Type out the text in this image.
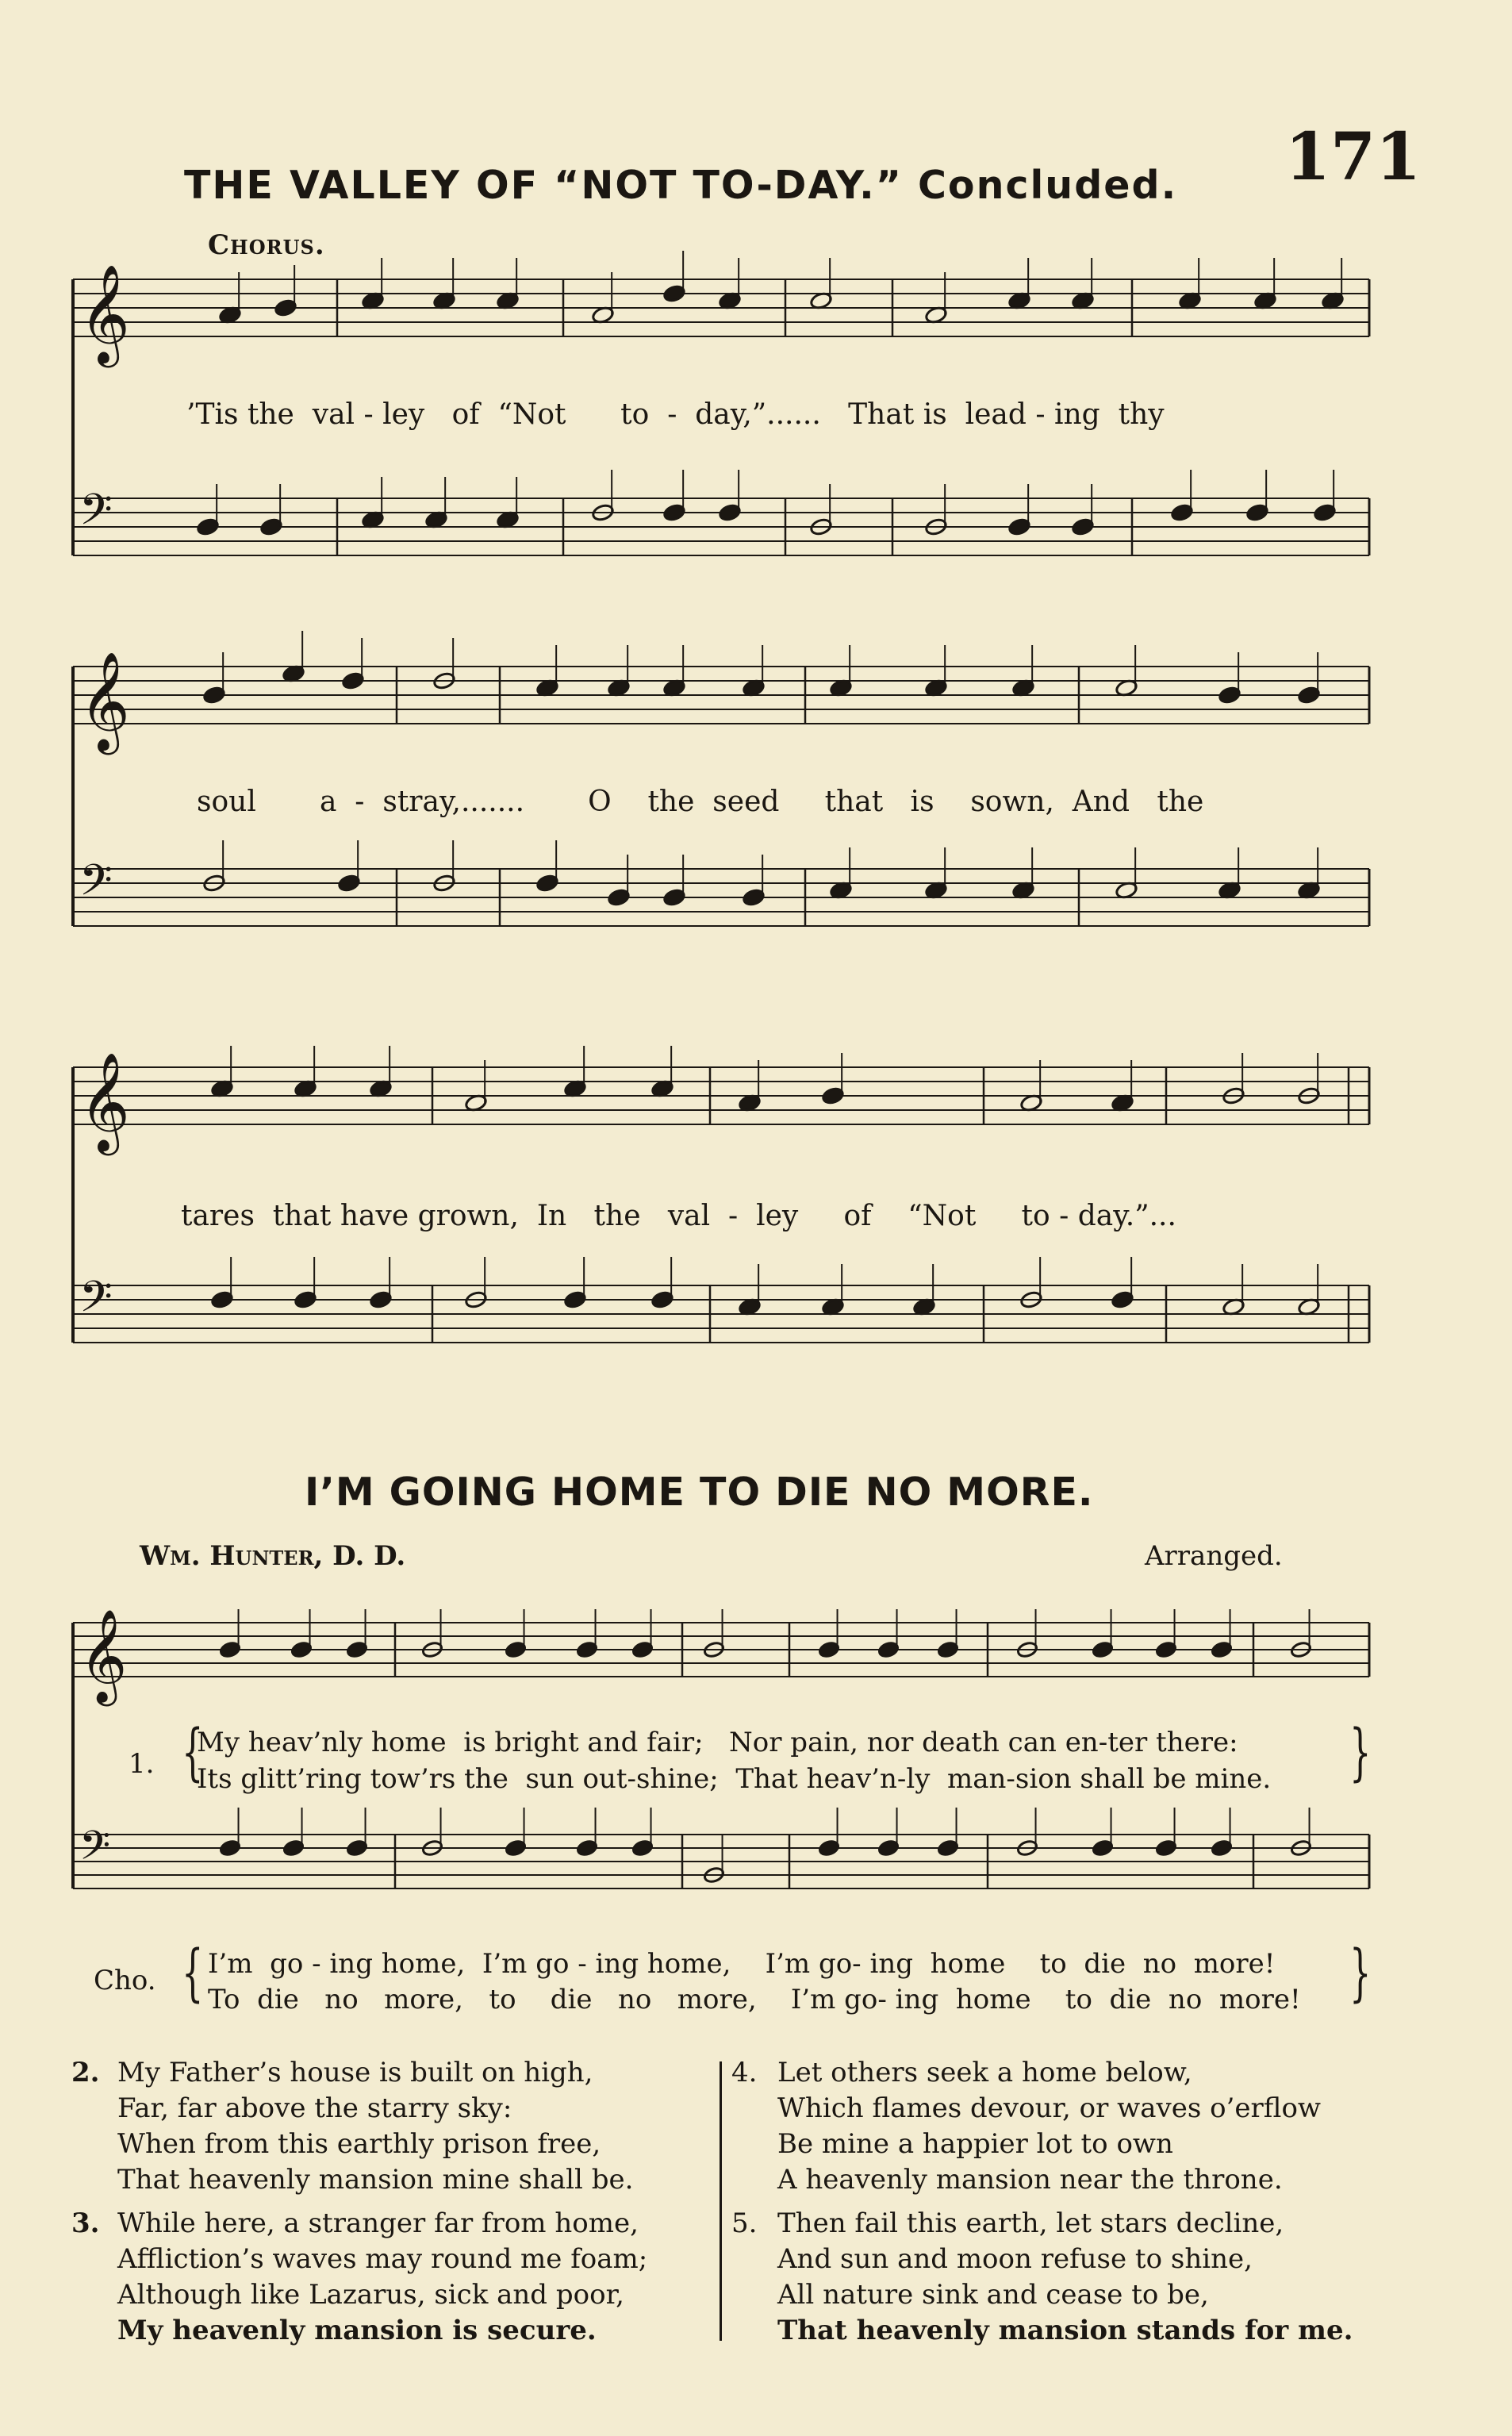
171
THE VALLEY OF “NOT TO-DAY.” Concluded.
Chorus.
𝄞
𝄢
𝄞
𝄢
𝄞
𝄢
𝄞
𝄢
’Tis the  val - ley   of  “Not      to  -  day,”......   That is  lead - ing  thy
soul       a  -  stray,.......       O    the  seed     that   is    sown,  And   the
tares  that have grown,  In   the   val  -  ley     of    “Not     to - day.”...
I’M GOING HOME TO DIE NO MORE.
Wm. Hunter, D. D.	Arranged.
1. {
My heav’nly home  is bright and fair;   Nor pain, nor death can en-ter there:
Its glitt’ring tow’rs the  sun out-shine;  That heav’n-ly  man-sion shall be mine. }
Cho. { I’m  go - ing home,  I’m go - ing home,    I’m go- ing  home    to  die  no  more!
To  die   no   more,   to    die   no   more,    I’m go- ing  home    to  die  no  more! }
2. My Father’s house is built on high,
Far, far above the starry sky:
When from this earthly prison free,
That heavenly mansion mine shall be.
3. While here, a stranger far from home,
Affliction’s waves may round me foam;
Although like Lazarus, sick and poor,
My heavenly mansion is secure.
4. Let others seek a home below,
Which flames devour, or waves o’erflow
Be mine a happier lot to own
A heavenly mansion near the throne.
5. Then fail this earth, let stars decline,
And sun and moon refuse to shine,
All nature sink and cease to be,
That heavenly mansion stands for me.
